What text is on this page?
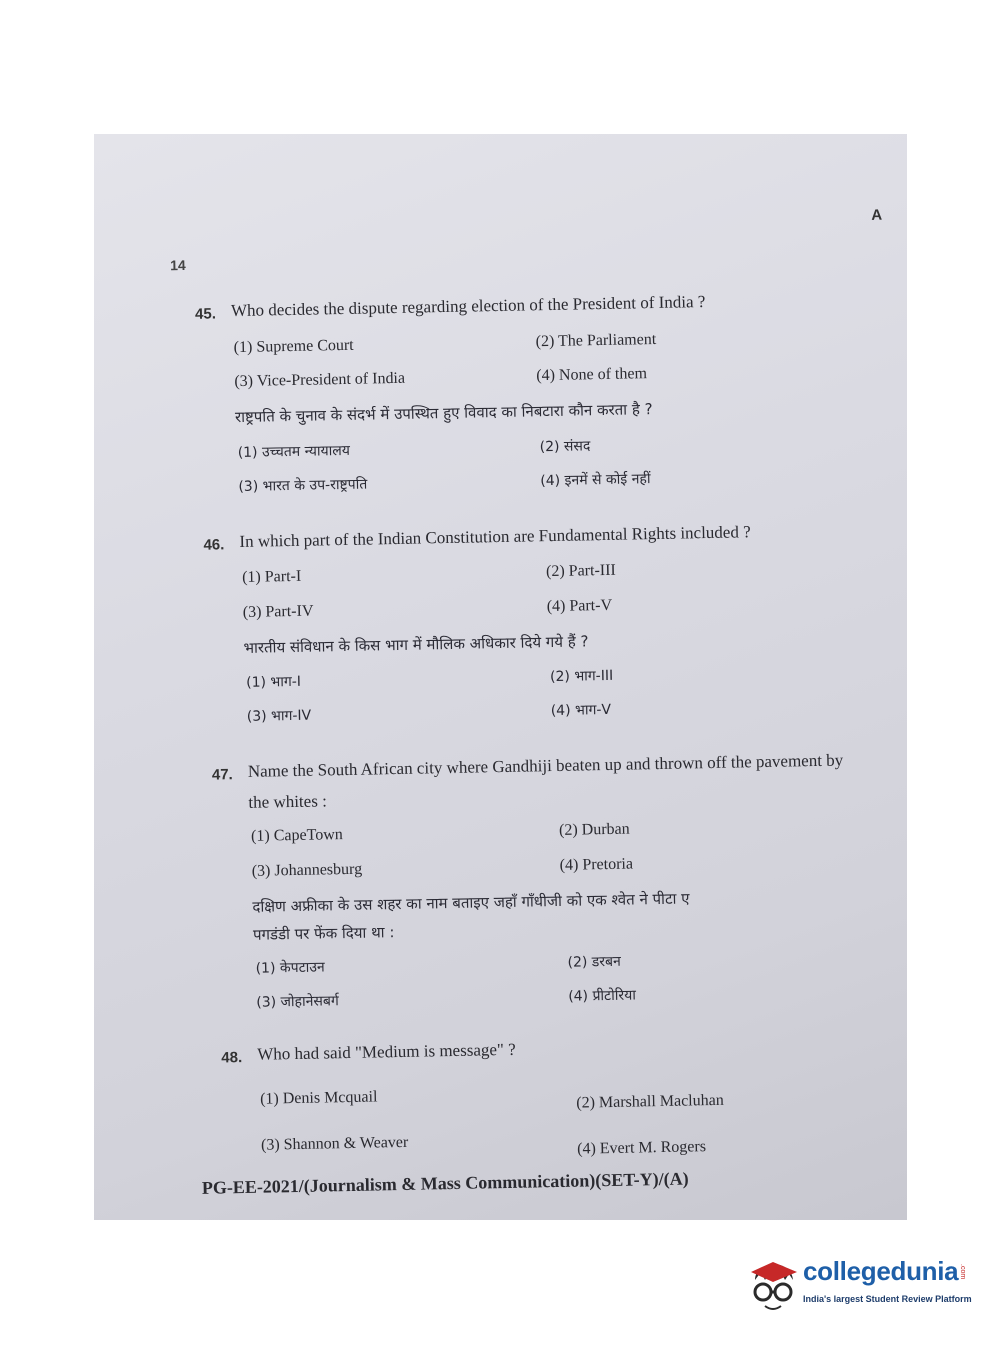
14
A
45. Who decides the dispute regarding election of the President of India ?
(1) Supreme Court	(2) The Parliament
(3) Vice-President of India	(4) None of them
राष्ट्रपति के चुनाव के संदर्भ में उपस्थित हुए विवाद का निबटारा कौन करता है ?
(1) उच्चतम न्यायालय	(2) संसद
(3) भारत के उप-राष्ट्रपति	(4) इनमें से कोई नहीं
46. In which part of the Indian Constitution are Fundamental Rights included ?
(1) Part-I	(2) Part-III
(3) Part-IV	(4) Part-V
भारतीय संविधान के किस भाग में मौलिक अधिकार दिये गये हैं ?
(1) भाग-I	(2) भाग-III
(3) भाग-IV	(4) भाग-V
47. Name the South African city where Gandhiji beaten up and thrown off the pavement by
the whites :
(1) CapeTown	(2) Durban
(3) Johannesburg	(4) Pretoria
दक्षिण अफ्रीका के उस शहर का नाम बताइए जहाँ गाँधीजी को एक श्वेत ने पीटा ए
पगडंडी पर फेंक दिया था :
(1) केपटाउन	(2) डरबन
(3) जोहानेसबर्ग	(4) प्रीटोरिया
48. Who had said "Medium is message" ?
(1) Denis Mcquail	(2) Marshall Macluhan
(3) Shannon & Weaver	(4) Evert M. Rogers
PG-EE-2021/(Journalism & Mass Communication)(SET-Y)/(A)
collegedunia .com
India's largest Student Review Platform
